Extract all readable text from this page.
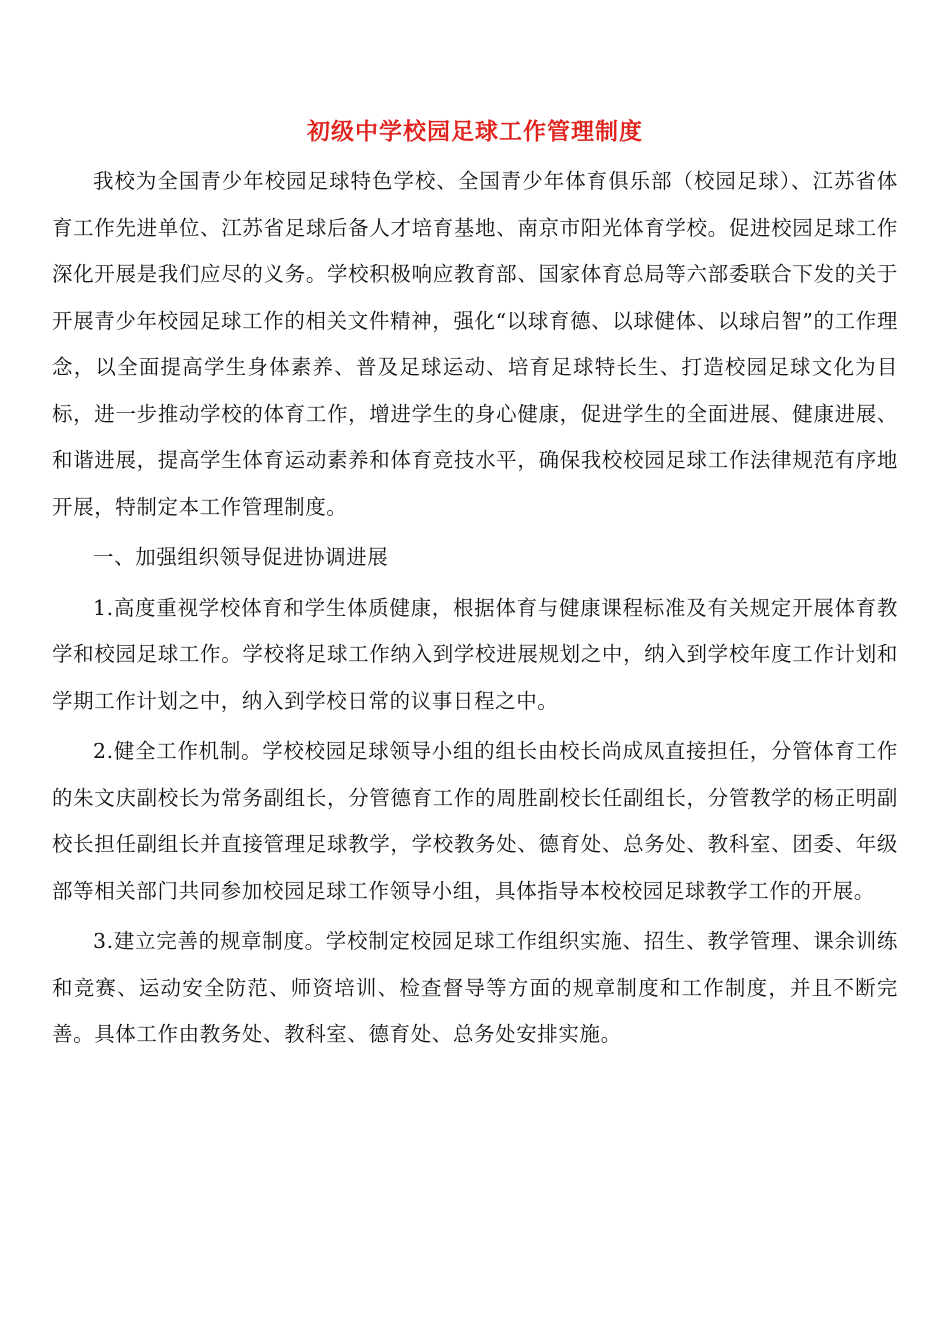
初级中学校园足球工作管理制度

我校为全国青少年校园足球特色学校、全国青少年体育俱乐部（校园足球）、江苏省体育工作先进单位、江苏省足球后备人才培育基地、南京市阳光体育学校。促进校园足球工作深化开展是我们应尽的义务。学校积极响应教育部、国家体育总局等六部委联合下发的关于开展青少年校园足球工作的相关文件精神，强化“以球育德、以球健体、以球启智”的工作理念，以全面提高学生身体素养、普及足球运动、培育足球特长生、打造校园足球文化为目标，进一步推动学校的体育工作，增进学生的身心健康，促进学生的全面进展、健康进展、和谐进展，提高学生体育运动素养和体育竞技水平，确保我校校园足球工作法律规范有序地开展，特制定本工作管理制度。

一、加强组织领导促进协调进展

1.高度重视学校体育和学生体质健康，根据体育与健康课程标准及有关规定开展体育教学和校园足球工作。学校将足球工作纳入到学校进展规划之中，纳入到学校年度工作计划和学期工作计划之中，纳入到学校日常的议事日程之中。

2.健全工作机制。学校校园足球领导小组的组长由校长尚成凤直接担任，分管体育工作的朱文庆副校长为常务副组长，分管德育工作的周胜副校长任副组长，分管教学的杨正明副校长担任副组长并直接管理足球教学，学校教务处、德育处、总务处、教科室、团委、年级部等相关部门共同参加校园足球工作领导小组，具体指导本校校园足球教学工作的开展。

3.建立完善的规章制度。学校制定校园足球工作组织实施、招生、教学管理、课余训练和竞赛、运动安全防范、师资培训、检查督导等方面的规章制度和工作制度，并且不断完善。具体工作由教务处、教科室、德育处、总务处安排实施。
